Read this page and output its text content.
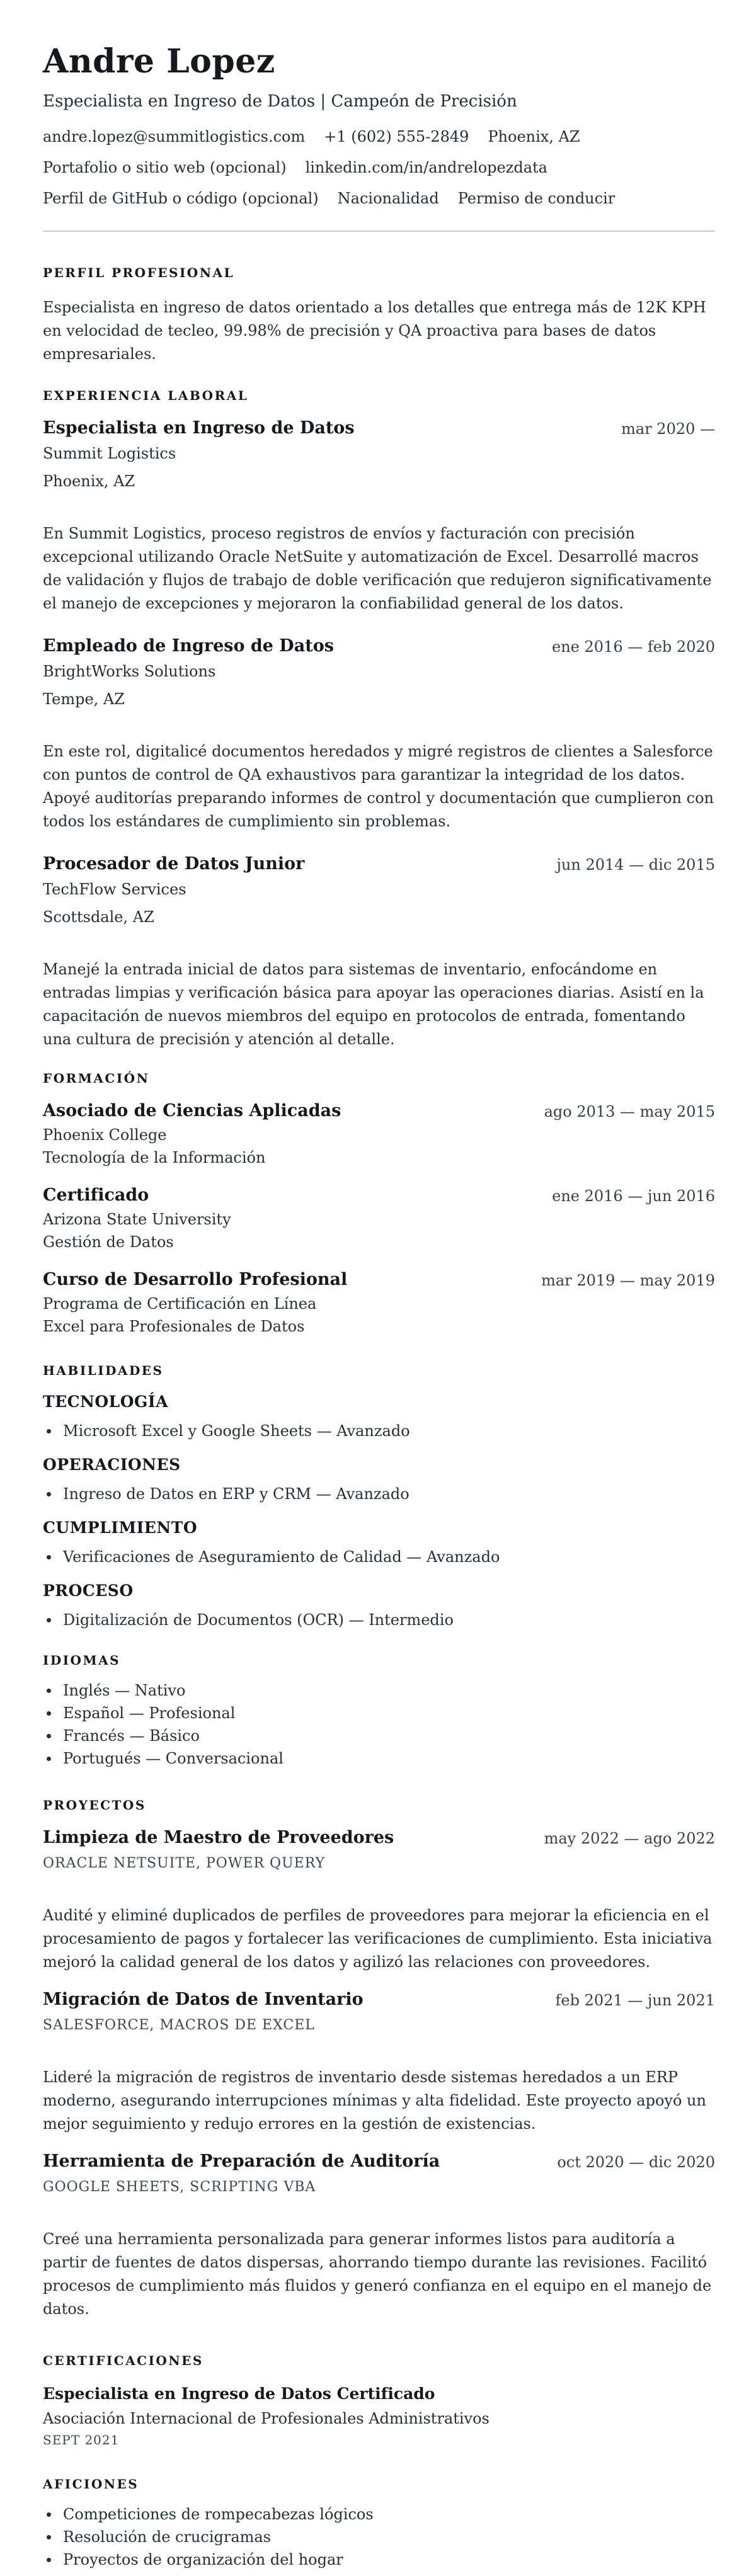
Andre Lopez
Especialista en Ingreso de Datos | Campeón de Precisión
andre.lopez@summitlogistics.com +1 (602) 555-2849 Phoenix, AZ
Portafolio o sitio web (opcional) linkedin.com/in/andrelopezdata
Perfil de GitHub o código (opcional) Nacionalidad Permiso de conducir
PERFIL PROFESIONAL

Especialista en ingreso de datos orientado a los detalles que entrega más de 12K KPH en velocidad de tecleo, 99.98% de precisión y QA proactiva para bases de datos empresariales.

EXPERIENCIA LABORAL
Especialista en Ingreso de Datos	mar 2020 —
Summit Logistics
Phoenix, AZ

En Summit Logistics, proceso registros de envíos y facturación con precisión excepcional utilizando Oracle NetSuite y automatización de Excel. Desarrollé macros de validación y flujos de trabajo de doble verificación que redujeron significativamente el manejo de excepciones y mejoraron la confiabilidad general de los datos.

Empleado de Ingreso de Datos	ene 2016 — feb 2020
BrightWorks Solutions
Tempe, AZ

En este rol, digitalicé documentos heredados y migré registros de clientes a Salesforce con puntos de control de QA exhaustivos para garantizar la integridad de los datos. Apoyé auditorías preparando informes de control y documentación que cumplieron con todos los estándares de cumplimiento sin problemas.

Procesador de Datos Junior	jun 2014 — dic 2015
TechFlow Services
Scottsdale, AZ

Manejé la entrada inicial de datos para sistemas de inventario, enfocándome en entradas limpias y verificación básica para apoyar las operaciones diarias. Asistí en la capacitación de nuevos miembros del equipo en protocolos de entrada, fomentando una cultura de precisión y atención al detalle.

FORMACIÓN
Asociado de Ciencias Aplicadas	ago 2013 — may 2015
Phoenix College
Tecnología de la Información
Certificado	ene 2016 — jun 2016
Arizona State University
Gestión de Datos
Curso de Desarrollo Profesional	mar 2019 — may 2019
Programa de Certificación en Línea
Excel para Profesionales de Datos
HABILIDADES
TECNOLOGÍA
Microsoft Excel y Google Sheets — Avanzado
OPERACIONES
Ingreso de Datos en ERP y CRM — Avanzado
CUMPLIMIENTO
Verificaciones de Aseguramiento de Calidad — Avanzado
PROCESO
Digitalización de Documentos (OCR) — Intermedio
IDIOMAS
Inglés — Nativo
Español — Profesional
Francés — Básico
Portugués — Conversacional
PROYECTOS
Limpieza de Maestro de Proveedores	may 2022 — ago 2022
ORACLE NETSUITE, POWER QUERY

Audité y eliminé duplicados de perfiles de proveedores para mejorar la eficiencia en el procesamiento de pagos y fortalecer las verificaciones de cumplimiento. Esta iniciativa mejoró la calidad general de los datos y agilizó las relaciones con proveedores.

Migración de Datos de Inventario	feb 2021 — jun 2021
SALESFORCE, MACROS DE EXCEL

Lideré la migración de registros de inventario desde sistemas heredados a un ERP moderno, asegurando interrupciones mínimas y alta fidelidad. Este proyecto apoyó un mejor seguimiento y redujo errores en la gestión de existencias.

Herramienta de Preparación de Auditoría	oct 2020 — dic 2020
GOOGLE SHEETS, SCRIPTING VBA

Creé una herramienta personalizada para generar informes listos para auditoría a partir de fuentes de datos dispersas, ahorrando tiempo durante las revisiones. Facilitó procesos de cumplimiento más fluidos y generó confianza en el equipo en el manejo de datos.

CERTIFICACIONES
Especialista en Ingreso de Datos Certificado
Asociación Internacional de Profesionales Administrativos
SEPT 2021
AFICIONES
Competiciones de rompecabezas lógicos
Resolución de crucigramas
Proyectos de organización del hogar
